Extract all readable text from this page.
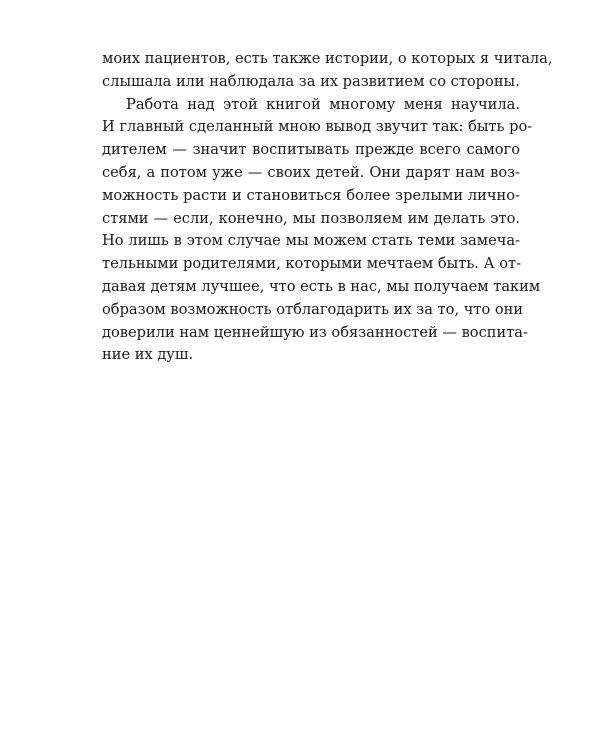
моих пациентов, есть также истории, о которых я читала,
слышала или наблюдала за их развитием со стороны.
Работа над этой книгой многому меня научила.
И главный сделанный мною вывод звучит так: быть ро-
дителем — значит воспитывать прежде всего самого
себя, а потом уже — своих детей. Они дарят нам воз-
можность расти и становиться более зрелыми лично-
стями — если, конечно, мы позволяем им делать это.
Но лишь в этом случае мы можем стать теми замеча-
тельными родителями, которыми мечтаем быть. А от-
давая детям лучшее, что есть в нас, мы получаем таким
образом возможность отблагодарить их за то, что они
доверили нам ценнейшую из обязанностей — воспита-
ние их душ.
